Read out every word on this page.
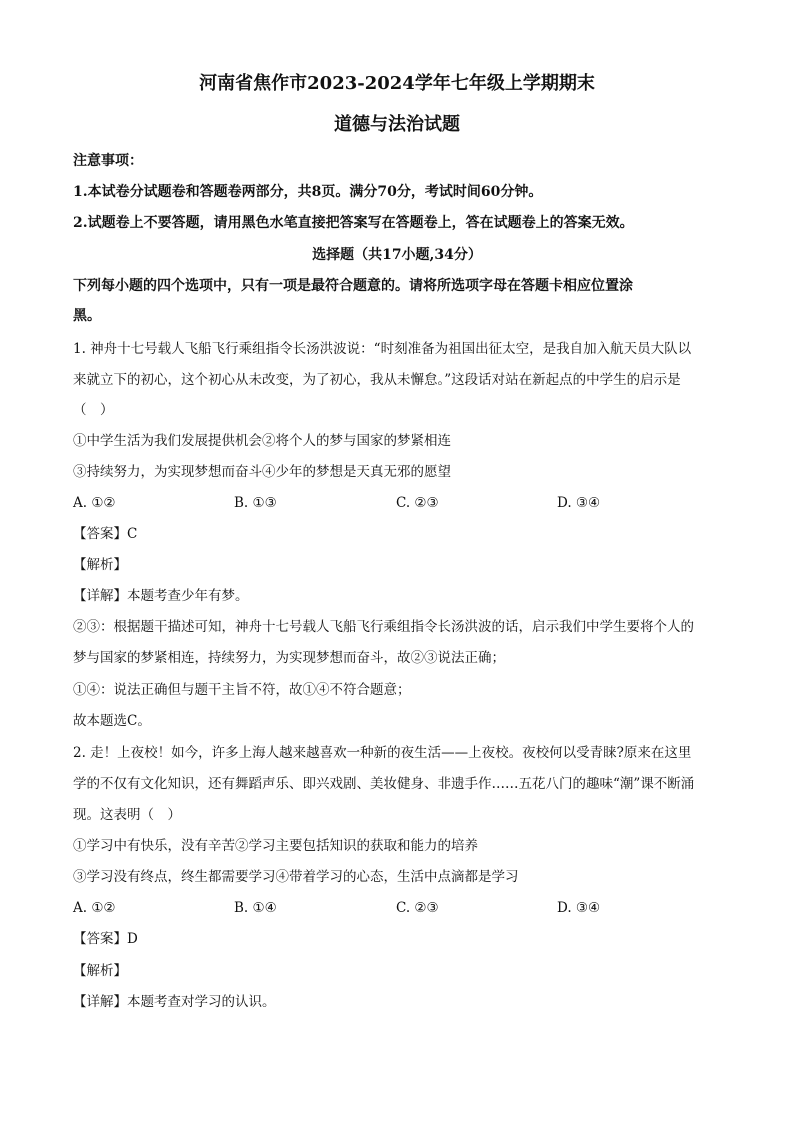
河南省焦作市2023-2024学年七年级上学期期末
道德与法治试题
注意事项：
1.本试卷分试题卷和答题卷两部分，共8页。满分70分，考试时间60分钟。
2.试题卷上不要答题，请用黑色水笔直接把答案写在答题卷上，答在试题卷上的答案无效。
选择题（共17小题,34分）
下列每小题的四个选项中，只有一项是最符合题意的。请将所选项字母在答题卡相应位置涂
黑。
1. 神舟十七号载人飞船飞行乘组指令长汤洪波说：“时刻准备为祖国出征太空，是我自加入航天员大队以
来就立下的初心，这个初心从未改变，为了初心，我从未懈怠。”这段话对站在新起点的中学生的启示是
（　）
①中学生活为我们发展提供机会②将个人的梦与国家的梦紧相连
③持续努力，为实现梦想而奋斗④少年的梦想是天真无邪的愿望
A. ①②	B. ①③	C. ②③	D. ③④
【答案】C
【解析】
【详解】本题考查少年有梦。
②③：根据题干描述可知，神舟十七号载人飞船飞行乘组指令长汤洪波的话，启示我们中学生要将个人的
梦与国家的梦紧相连，持续努力，为实现梦想而奋斗，故②③说法正确；
①④：说法正确但与题干主旨不符，故①④不符合题意；
故本题选C。
2. 走！上夜校！如今，许多上海人越来越喜欢一种新的夜生活——上夜校。夜校何以受青睐?原来在这里
学的不仅有文化知识，还有舞蹈声乐、即兴戏剧、美妆健身、非遗手作……五花八门的趣味“潮”课不断涌
现。这表明（　）
①学习中有快乐，没有辛苦②学习主要包括知识的获取和能力的培养
③学习没有终点，终生都需要学习④带着学习的心态，生活中点滴都是学习
A. ①②	B. ①④	C. ②③	D. ③④
【答案】D
【解析】
【详解】本题考查对学习的认识。
